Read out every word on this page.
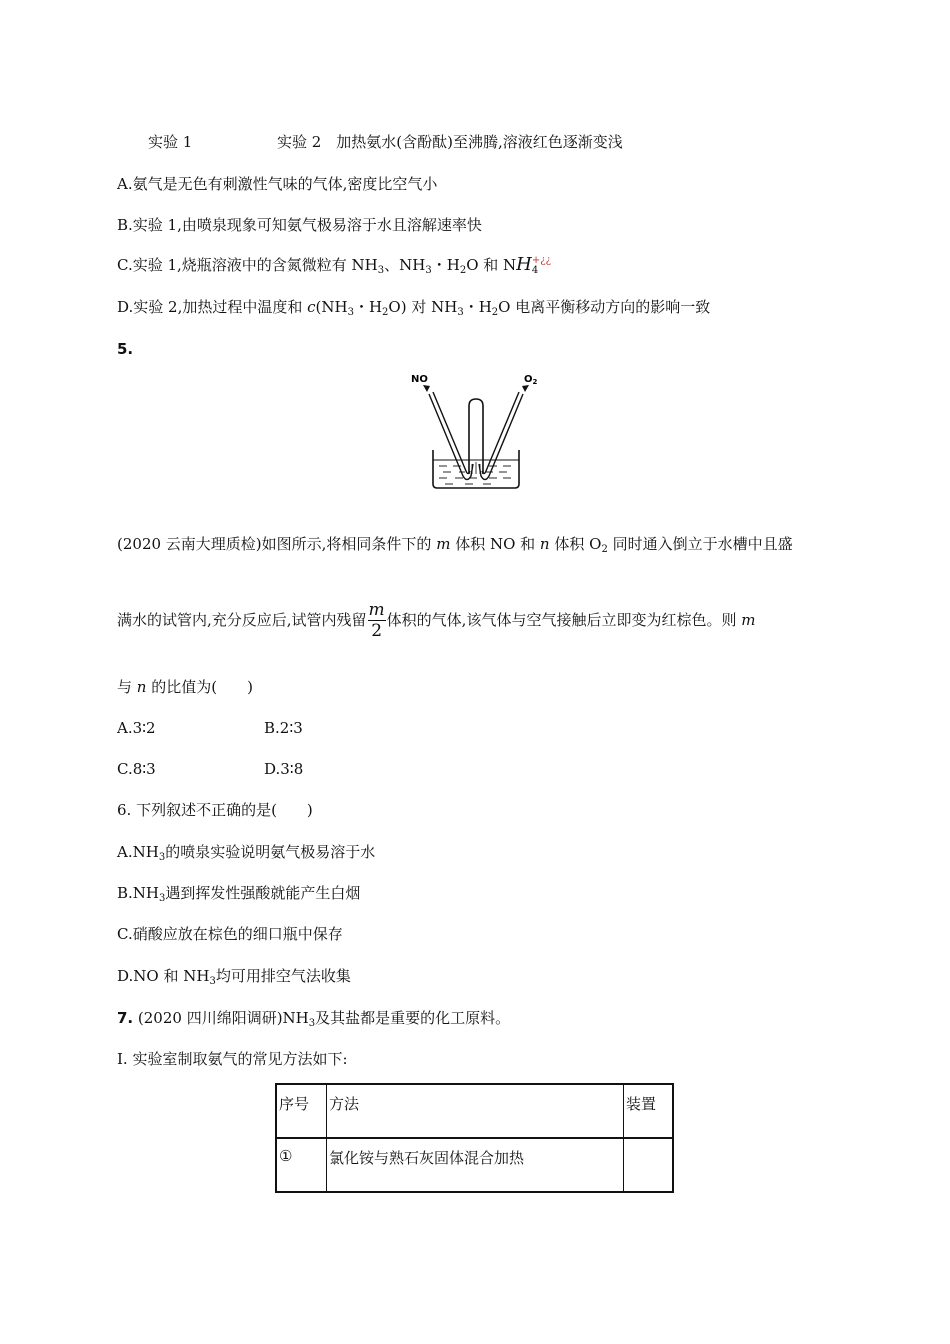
实验 1	实验 2　加热氨水(含酚酞)至沸腾,溶液红色逐渐变浅
A.氨气是无色有刺激性气味的气体,密度比空气小
B.实验 1,由喷泉现象可知氨气极易溶于水且溶解速率快
C.实验 1,烧瓶溶液中的含氮微粒有 $NH_3$、$NH_3$・$H_2O$ 和 NH +¿¿
4
D.实验 2,加热过程中温度和 $c(NH_3$・$H_2O$) 对 $NH_3$・$H_2O$ 电离平衡移动方向的影响一致
5.
NO	$O_2$
(2020 云南大理质检)如图所示,将相同条件下的 m 体积 NO 和 n 体积 $O_2$ 同时通入倒立于水槽中且盛
满水的试管内,充分反应后,试管内残留 $\frac{m}{2}$ 体积的气体,该气体与空气接触后立即变为红棕色。则 m
与 n 的比值为(　　)
A.3∶2	B.2∶3
C.8∶3	D.3∶8
6. 下列叙述不正确的是(　　)
$A.NH_3$的喷泉实验说明氨气极易溶于水
$B.NH_3$遇到挥发性强酸就能产生白烟
C.硝酸应放在棕色的细口瓶中保存
D.NO 和 $NH_3$均可用排空气法收集
7. (2020 四川绵阳调研)$NH_3$及其盐都是重要的化工原料。
Ⅰ. 实验室制取氨气的常见方法如下:
序号	方法	装置
①	氯化铵与熟石灰固体混合加热	
